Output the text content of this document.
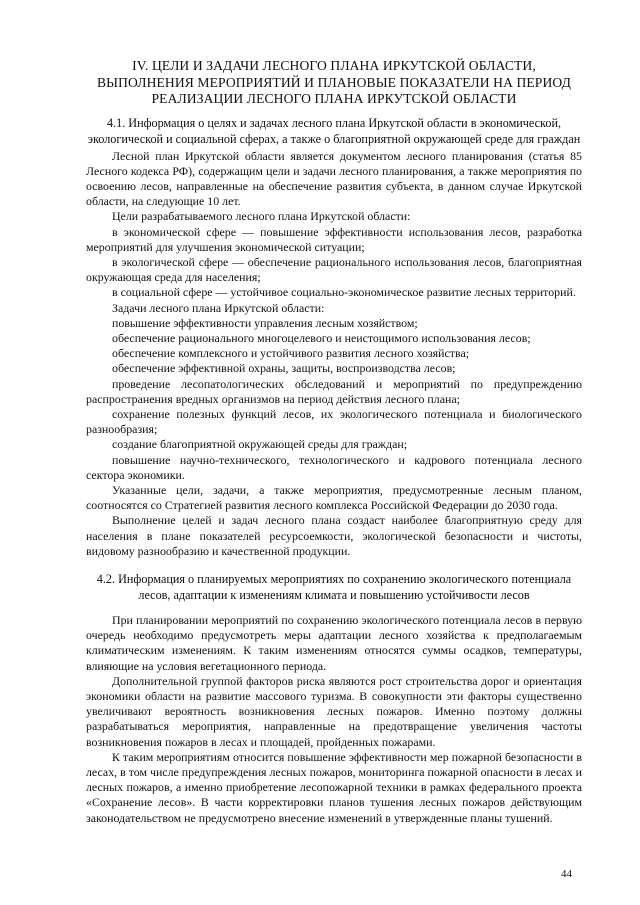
IV. ЦЕЛИ И ЗАДАЧИ ЛЕСНОГО ПЛАНА ИРКУТСКОЙ ОБЛАСТИ, ВЫПОЛНЕНИЯ МЕРОПРИЯТИЙ И ПЛАНОВЫЕ ПОКАЗАТЕЛИ НА ПЕРИОД РЕАЛИЗАЦИИ ЛЕСНОГО ПЛАНА ИРКУТСКОЙ ОБЛАСТИ
4.1. Информация о целях и задачах лесного плана Иркутской области в экономической, экологической и социальной сферах, а также о благоприятной окружающей среде для граждан

Лесной план Иркутской области является документом лесного планирования (статья 85 Лесного кодекса РФ), содержащим цели и задачи лесного планирования, а также мероприятия по освоению лесов, направленные на обеспечение развития субъекта, в данном случае Иркутской области, на следующие 10 лет.

Цели разрабатываемого лесного плана Иркутской области:

в экономической сфере — повышение эффективности использования лесов, разработка мероприятий для улучшения экономической ситуации;

в экологической сфере — обеспечение рационального использования лесов, благоприятная окружающая среда для населения;

в социальной сфере — устойчивое социально-экономическое развитие лесных территорий.

Задачи лесного плана Иркутской области:

повышение эффективности управления лесным хозяйством;

обеспечение рационального многоцелевого и неистощимого использования лесов;

обеспечение комплексного и устойчивого развития лесного хозяйства;

обеспечение эффективной охраны, защиты, воспроизводства лесов;

проведение лесопатологических обследований и мероприятий по предупреждению распространения вредных организмов на период действия лесного плана;

сохранение полезных функций лесов, их экологического потенциала и биологического разнообразия;

создание благоприятной окружающей среды для граждан;

повышение научно-технического, технологического и кадрового потенциала лесного сектора экономики.

Указанные цели, задачи, а также мероприятия, предусмотренные лесным планом, соотносятся со Стратегией развития лесного комплекса Российской Федерации до 2030 года.

Выполнение целей и задач лесного плана создаст наиболее благоприятную среду для населения в плане показателей ресурсоемкости, экологической безопасности и чистоты, видовому разнообразию и качественной продукции.

4.2. Информация о планируемых мероприятиях по сохранению экологического потенциала лесов, адаптации к изменениям климата и повышению устойчивости лесов

При планировании мероприятий по сохранению экологического потенциала лесов в первую очередь необходимо предусмотреть меры адаптации лесного хозяйства к предполагаемым климатическим изменениям. К таким изменениям относятся суммы осадков, температуры, влияющие на условия вегетационного периода.

Дополнительной группой факторов риска являются рост строительства дорог и ориентация экономики области на развитие массового туризма. В совокупности эти факторы существенно увеличивают вероятность возникновения лесных пожаров. Именно поэтому должны разрабатываться мероприятия, направленные на предотвращение увеличения частоты возникновения пожаров в лесах и площадей, пройденных пожарами.

К таким мероприятиям относится повышение эффективности мер пожарной безопасности в лесах, в том числе предупреждения лесных пожаров, мониторинга пожарной опасности в лесах и лесных пожаров, а именно приобретение лесопожарной техники в рамках федерального проекта «Сохранение лесов». В части корректировки планов тушения лесных пожаров действующим законодательством не предусмотрено внесение изменений в утвержденные планы тушений.

44
